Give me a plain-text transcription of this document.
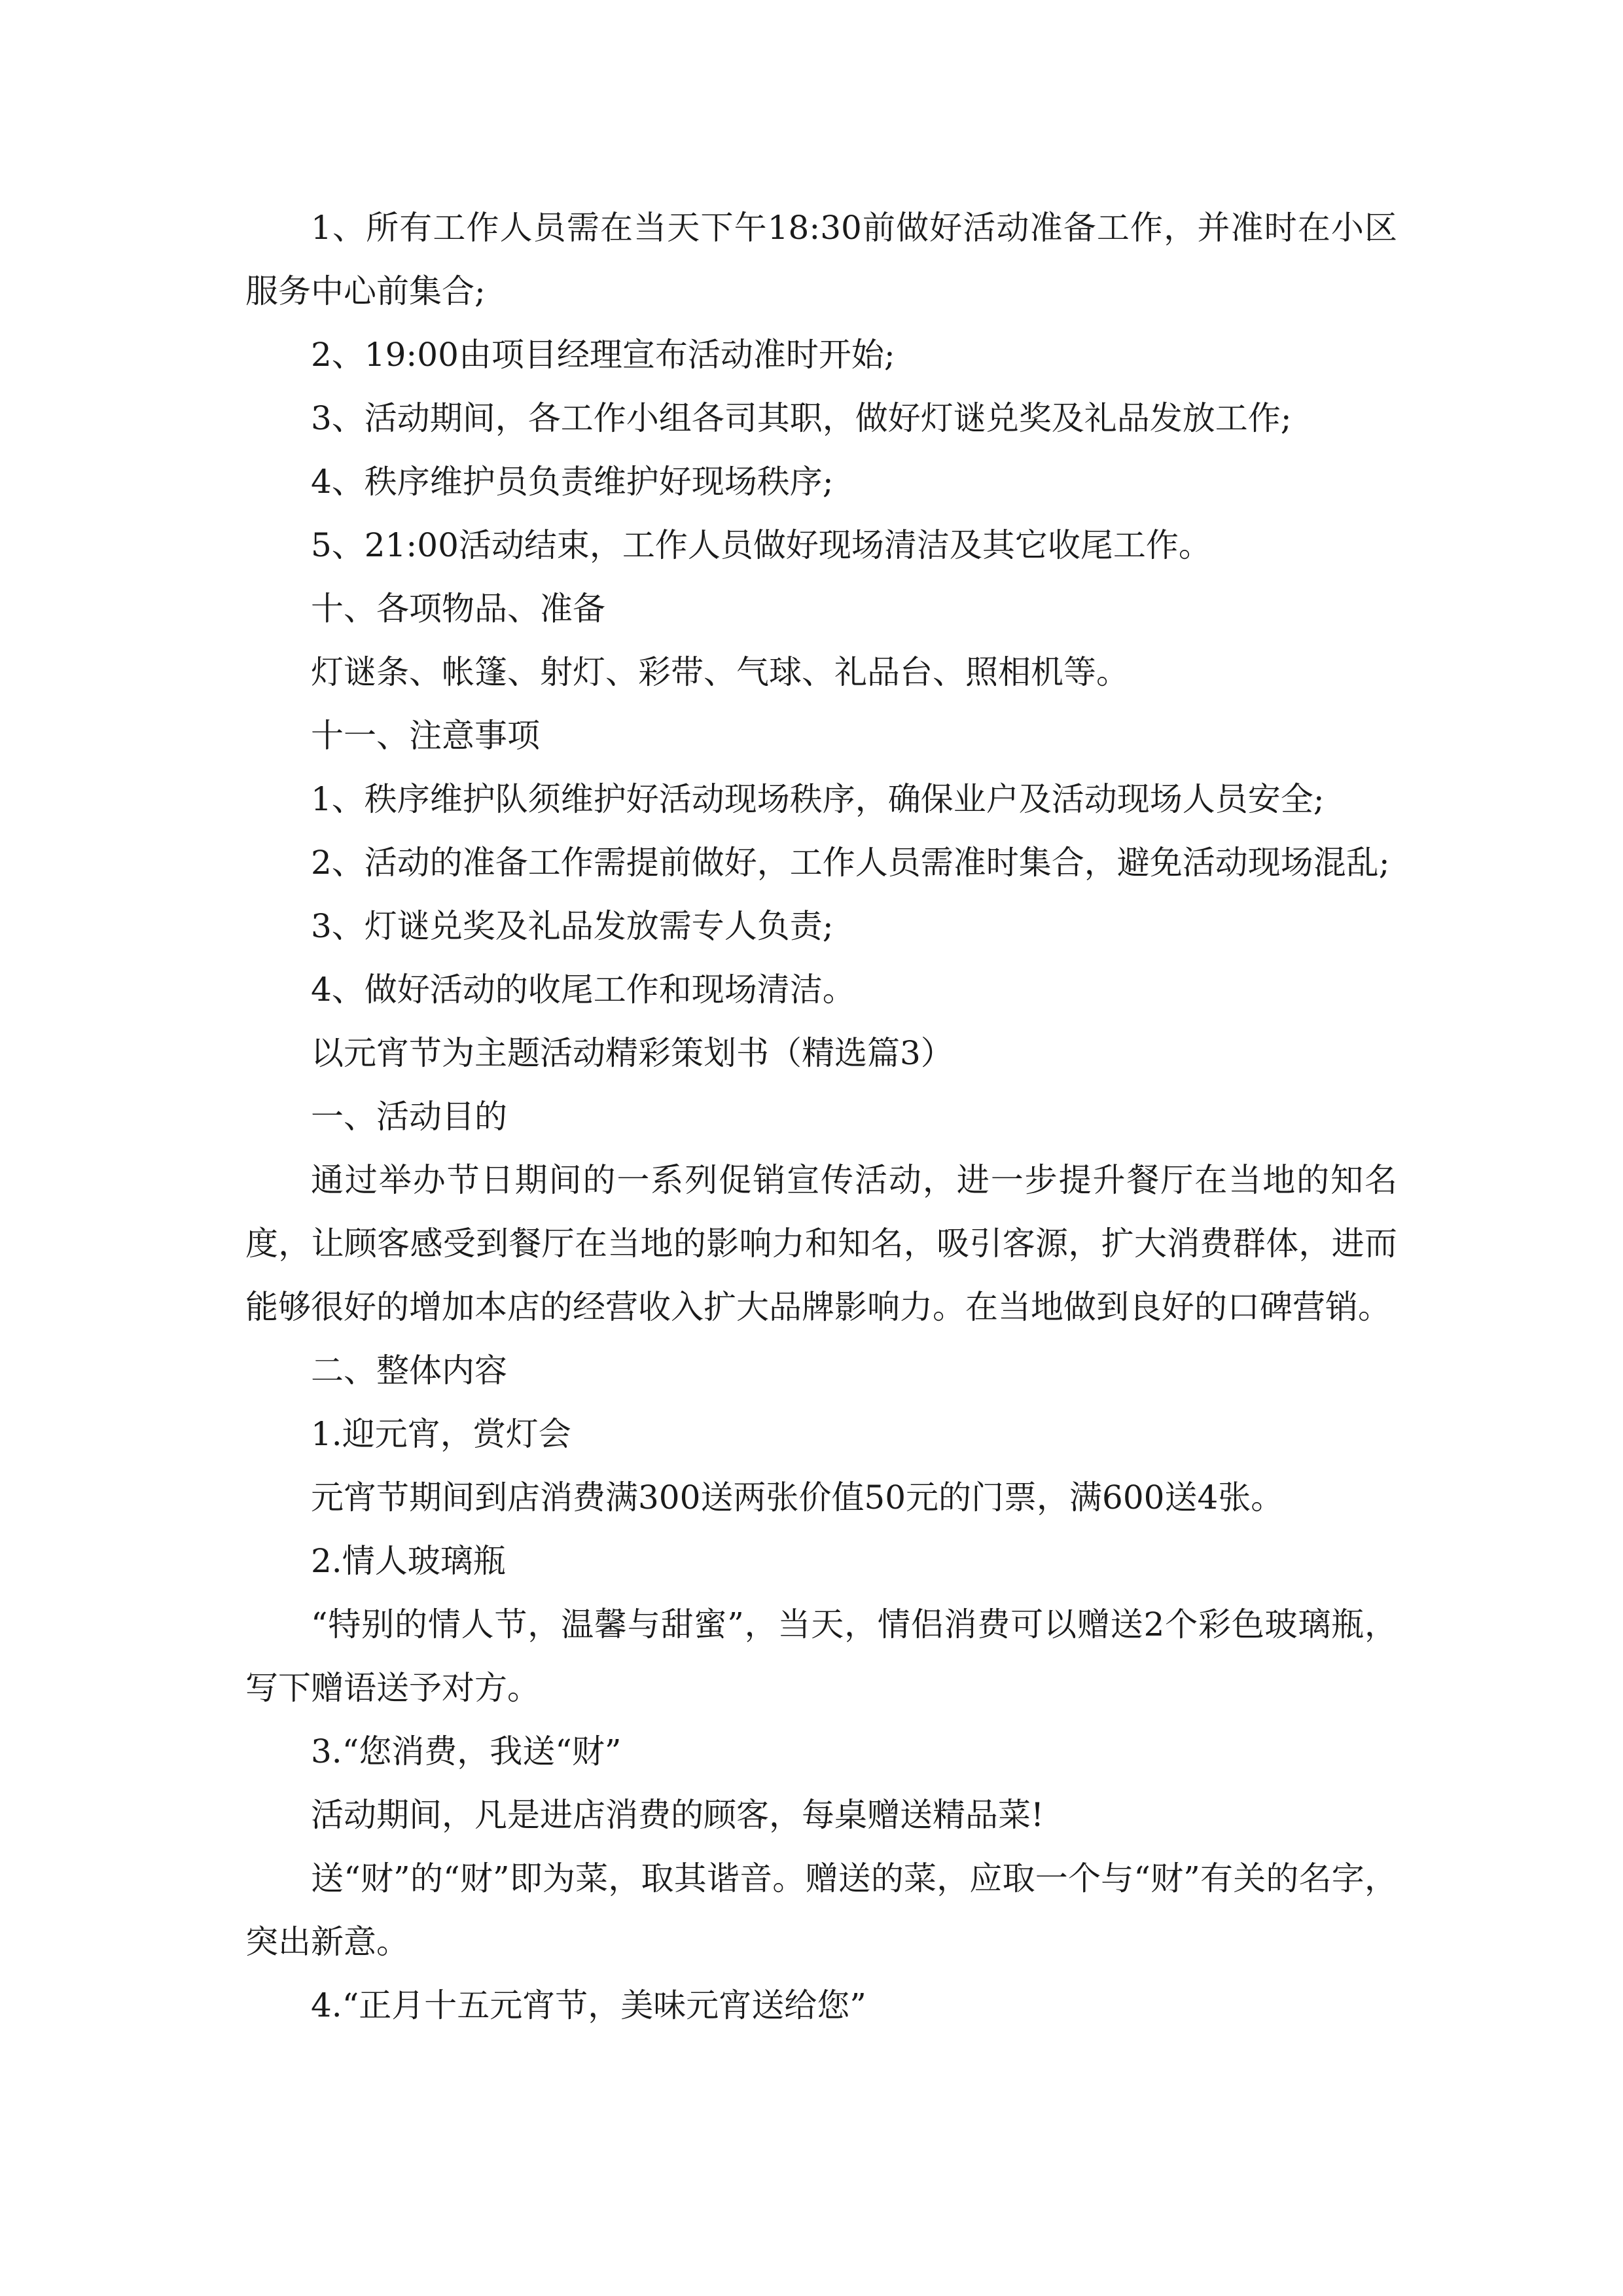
1、所有工作人员需在当天下午18:30前做好活动准备工作，并准时在小区服务中心前集合;

2、19:00由项目经理宣布活动准时开始;

3、活动期间，各工作小组各司其职，做好灯谜兑奖及礼品发放工作;

4、秩序维护员负责维护好现场秩序;

5、21:00活动结束，工作人员做好现场清洁及其它收尾工作。

十、各项物品、准备

灯谜条、帐篷、射灯、彩带、气球、礼品台、照相机等。

十一、注意事项

1、秩序维护队须维护好活动现场秩序，确保业户及活动现场人员安全;

2、活动的准备工作需提前做好，工作人员需准时集合，避免活动现场混乱;

3、灯谜兑奖及礼品发放需专人负责;

4、做好活动的收尾工作和现场清洁。

以元宵节为主题活动精彩策划书（精选篇3）

一、活动目的

通过举办节日期间的一系列促销宣传活动，进一步提升餐厅在当地的知名度，让顾客感受到餐厅在当地的影响力和知名，吸引客源，扩大消费群体，进而能够很好的增加本店的经营收入扩大品牌影响力。在当地做到良好的口碑营销。

二、整体内容

1.迎元宵，赏灯会

元宵节期间到店消费满300送两张价值50元的门票，满600送4张。

2.情人玻璃瓶

“特别的情人节，温馨与甜蜜”，当天，情侣消费可以赠送2个彩色玻璃瓶，写下赠语送予对方。

3.“您消费，我送“财”

活动期间，凡是进店消费的顾客，每桌赠送精品菜!

送“财”的“财”即为菜，取其谐音。赠送的菜，应取一个与“财”有关的名字，突出新意。

4.“正月十五元宵节，美味元宵送给您”
